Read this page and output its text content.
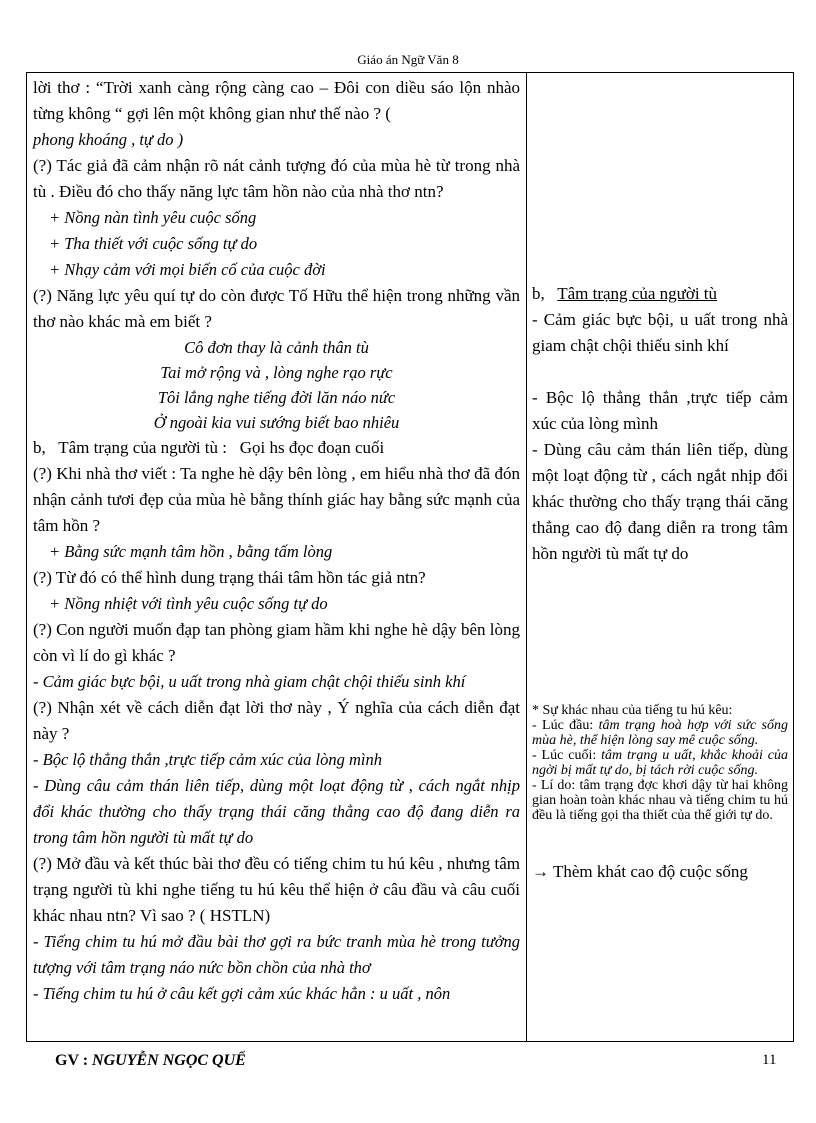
Giáo án Ngữ Văn 8
lời thơ : “Trời xanh càng rộng càng cao – Đôi con diều sáo lộn nhào từng không “ gợi lên một không gian như thế nào ? (
phong khoáng , tự do )
(?) Tác giả đã cảm nhận rõ nát cảnh tượng đó của mùa hè từ trong nhà tù . Điều đó cho thấy năng lực tâm hồn nào của nhà thơ ntn?
+ Nồng nàn tình yêu cuộc sống
+ Tha thiết với cuộc sống tự do
+ Nhạy cảm với mọi biến cố của cuộc đời
(?) Năng lực yêu quí tự do còn được Tố Hữu thể hiện trong những vần thơ nào khác mà em biết ?
Cô đơn thay là cảnh thân tù
Tai mở rộng và , lòng nghe rạo rực
Tôi lắng nghe tiếng đời lăn náo nức
Ở ngoài kia vui sướng biết bao nhiêu
b, Tâm trạng của người tù : Gọi hs đọc đoạn cuối
(?) Khi nhà thơ viết : Ta nghe hè dậy bên lòng , em hiểu nhà thơ đã đón nhận cảnh tươi đẹp của mùa hè bằng thính giác hay bằng sức mạnh của tâm hồn ?
+ Bằng sức mạnh tâm hồn , bằng tấm lòng
(?) Từ đó có thể hình dung trạng thái tâm hồn tác giả ntn?
+ Nồng nhiệt với tình yêu cuộc sống tự do
(?) Con người muốn đạp tan phòng giam hầm khi nghe hè dậy bên lòng còn vì lí do gì khác ?
- Cảm giác bực bội, u uất trong nhà giam chật chội thiếu sinh khí
(?) Nhận xét về cách diễn đạt lời thơ này , Ý nghĩa của cách diễn đạt này ?
- Bộc lộ thẳng thắn ,trực tiếp cảm xúc của lòng mình
- Dùng câu cảm thán liên tiếp, dùng một loạt động từ , cách ngắt nhịp đổi khác thường cho thấy trạng thái căng thẳng cao độ đang diễn ra trong tâm hồn người tù mất tự do
(?) Mở đầu và kết thúc bài thơ đều có tiếng chim tu hú kêu , nhưng tâm trạng người tù khi nghe tiếng tu hú kêu thể hiện ở câu đầu và câu cuối khác nhau ntn? Vì sao ? ( HSTLN)
- Tiếng chim tu hú mở đầu bài thơ gợi ra bức tranh mùa hè trong tưởng tượng với tâm trạng náo nức bồn chồn của nhà thơ
- Tiếng chim tu hú ở câu kết gợi cảm xúc khác hẳn : u uất , nôn

b, Tâm trạng của người tù
- Cảm giác bực bội, u uất trong nhà giam chật chội thiếu sinh khí
- Bộc lộ thẳng thắn ,trực tiếp cảm xúc của lòng mình
- Dùng câu cảm thán liên tiếp, dùng một loạt động từ , cách ngắt nhịp đổi khác thường cho thấy trạng thái căng thẳng cao độ đang diễn ra trong tâm hồn người tù mất tự do
* Sự khác nhau của tiếng tu hú kêu:
- Lúc đầu: tâm trạng hoà hợp với sức sống mùa hè, thể hiện lòng say mê cuộc sống.
- Lúc cuối: tâm trạng u uất, khắc khoải của ngời bị mất tự do, bị tách rời cuộc sống.
- Lí do: tâm trạng đợc khơi dậy từ hai không gian hoàn toàn khác nhau và tiếng chim tu hú đều là tiếng gọi tha thiết của thế giới tự do.
→ Thèm khát cao độ cuộc sống
GV : NGUYỄN NGỌC QUẾ	11
